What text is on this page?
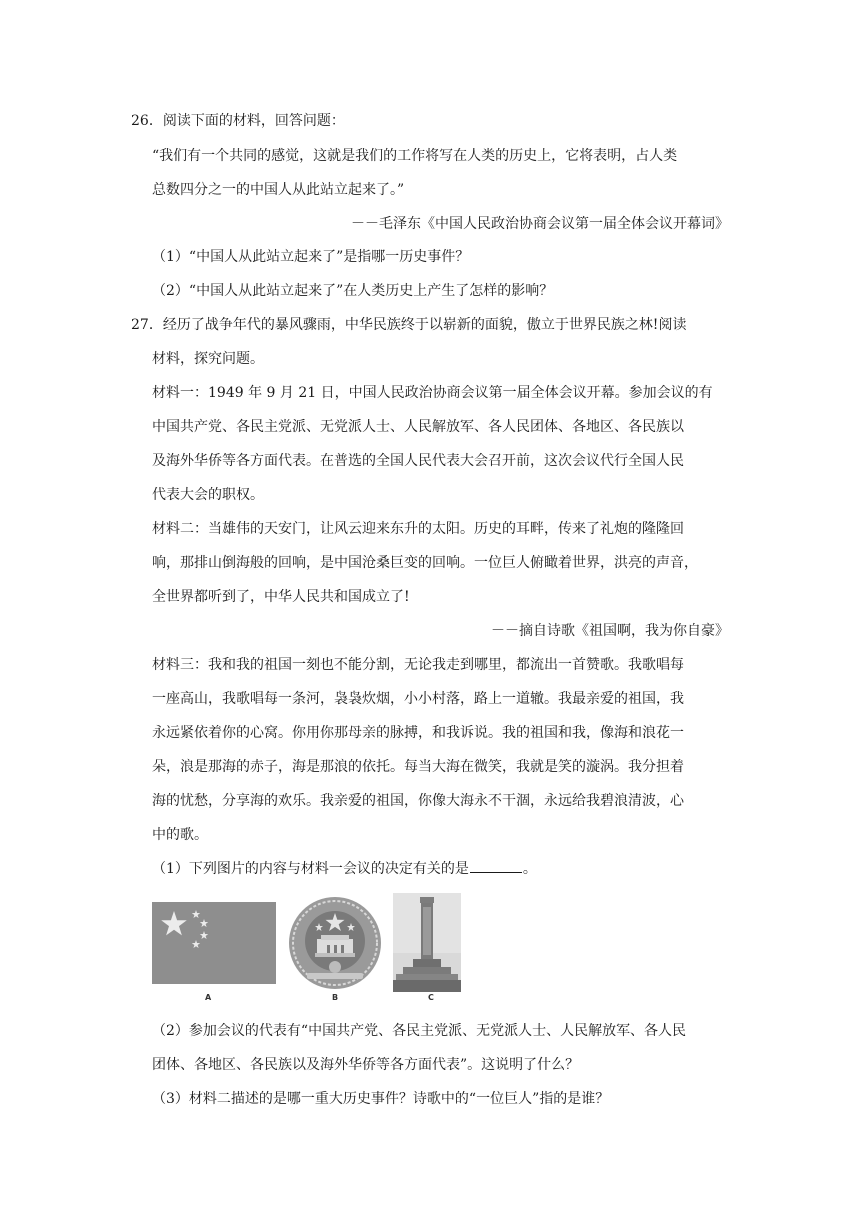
26．阅读下面的材料，回答问题：
“我们有一个共同的感觉，这就是我们的工作将写在人类的历史上，它将表明，占人类
总数四分之一的中国人从此站立起来了。”
－－毛泽东《中国人民政治协商会议第一届全体会议开幕词》
（1）“中国人从此站立起来了”是指哪一历史事件？
（2）“中国人从此站立起来了”在人类历史上产生了怎样的影响？
27．经历了战争年代的暴风骤雨，中华民族终于以崭新的面貌，傲立于世界民族之林!阅读
材料，探究问题。
材料一：1949 年 9 月 21 日，中国人民政治协商会议第一届全体会议开幕。参加会议的有
中国共产党、各民主党派、无党派人士、人民解放军、各人民团体、各地区、各民族以
及海外华侨等各方面代表。在普选的全国人民代表大会召开前，这次会议代行全国人民
代表大会的职权。
材料二：当雄伟的天安门，让风云迎来东升的太阳。历史的耳畔，传来了礼炮的隆隆回
响，那排山倒海般的回响，是中国沧桑巨变的回响。一位巨人俯瞰着世界，洪亮的声音，
全世界都听到了，中华人民共和国成立了!
－－摘自诗歌《祖国啊，我为你自豪》
材料三：我和我的祖国一刻也不能分割，无论我走到哪里，都流出一首赞歌。我歌唱每
一座高山，我歌唱每一条河，袅袅炊烟，小小村落，路上一道辙。我最亲爱的祖国，我
永远紧依着你的心窝。你用你那母亲的脉搏，和我诉说。我的祖国和我，像海和浪花一
朵，浪是那海的赤子，海是那浪的依托。每当大海在微笑，我就是笑的漩涡。我分担着
海的忧愁，分享海的欢乐。我亲爱的祖国，你像大海永不干涸，永远给我碧浪清波，心
中的歌。
（1）下列图片的内容与材料一会议的决定有关的是	。
A	B	C
（2）参加会议的代表有“中国共产党、各民主党派、无党派人士、人民解放军、各人民
团体、各地区、各民族以及海外华侨等各方面代表”。这说明了什么？
（3）材料二描述的是哪一重大历史事件？诗歌中的“一位巨人”指的是谁？
